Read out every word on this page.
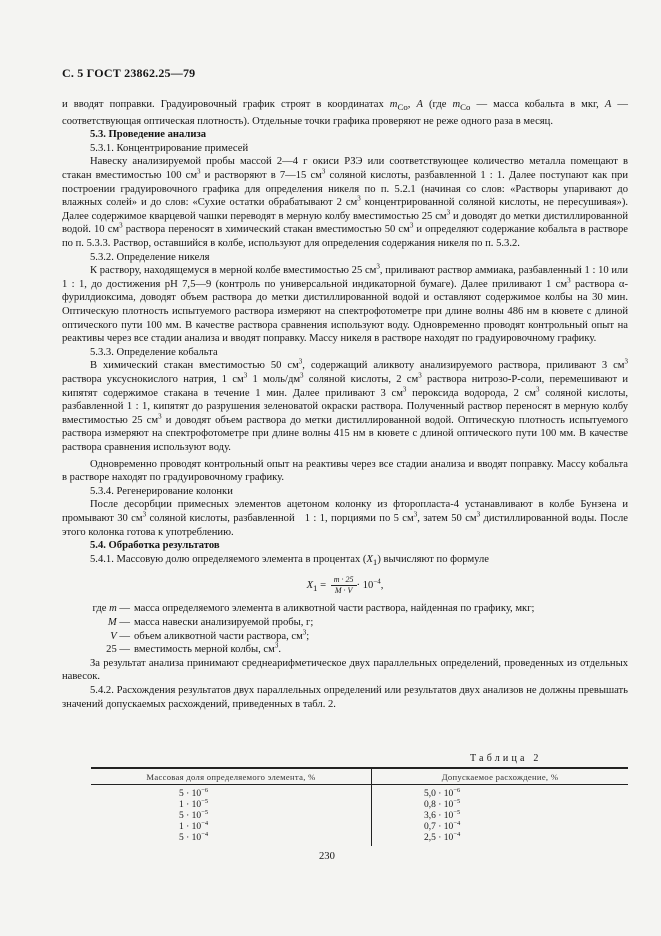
С. 5 ГОСТ 23862.25—79

и вводят поправки. Градуировочный график строят в координатах $m_{Co}$, A (где $m_{Co}$ — масса кобальта в мкг, A — соответствующая оптическая плотность). Отдельные точки графика проверяют не реже одного раза в месяц.

5.3. Проведение анализа

5.3.1. Концентрирование примесей

Навеску анализируемой пробы массой 2—4 г окиси РЗЭ или соответствующее количество металла помещают в стакан вместимостью 100 $см^3$ и растворяют в 7—15 $см^3$ соляной кислоты, разбавленной 1 : 1. Далее поступают как при построении градуировочного графика для определения никеля по п. 5.2.1 (начиная со слов: «Растворы упаривают до влажных солей» и до слов: «Сухие остатки обрабатывают 2 $см^3$ концентрированной соляной кислоты, не пересушивая»). Далее содержимое кварцевой чашки переводят в мерную колбу вместимостью 25 $см^3$ и доводят до метки дистиллированной водой. 10 $см^3$ раствора переносят в химический стакан вместимостью 50 $см^3$ и определяют содержание кобальта в растворе по п. 5.3.3. Раствор, оставшийся в колбе, используют для определения содержания никеля по п. 5.3.2.

5.3.2. Определение никеля

К раствору, находящемуся в мерной колбе вместимостью 25 $см^3$, приливают раствор аммиака, разбавленный 1 : 10 или 1 : 1, до достижения рН 7,5—9 (контроль по универсальной индикаторной бумаге). Далее приливают 1 $см^3$ раствора α-фурилдиоксима, доводят объем раствора до метки дистиллированной водой и оставляют содержимое колбы на 30 мин. Оптическую плотность испытуемого раствора измеряют на спектрофотометре при длине волны 486 нм в кювете с длиной оптического пути 100 мм. В качестве раствора сравнения используют воду. Одновременно проводят контрольный опыт на реактивы через все стадии анализа и вводят поправку. Массу никеля в растворе находят по градуировочному графику.

5.3.3. Определение кобальта

В химический стакан вместимостью 50 $см^3$, содержащий аликвоту анализируемого раствора, приливают 3 $см^3$ раствора уксуснокислого натрия, 1 $см^3$ 1 моль/$дм^3$ соляной кислоты, 2 $см^3$ раствора нитрозо-Р-соли, перемешивают и кипятят содержимое стакана в течение 1 мин. Далее приливают 3 $см^3$ пероксида водорода, 2 $см^3$ соляной кислоты, разбавленной 1 : 1, кипятят до разрушения зеленоватой окраски раствора. Полученный раствор переносят в мерную колбу вместимостью 25 $см^3$ и доводят объем раствора до метки дистиллированной водой. Оптическую плотность испытуемого раствора измеряют на спектрофотометре при длине волны 415 нм в кювете с длиной оптического пути 100 мм. В качестве раствора сравнения используют воду.

Одновременно проводят контрольный опыт на реактивы через все стадии анализа и вводят поправку. Массу кобальта в растворе находят по градуировочному графику.

5.3.4. Регенерирование колонки

После десорбции примесных элементов ацетоном колонку из фторопласта-4 устанавливают в колбе Бунзена и промывают 30 $см^3$ соляной кислоты, разбавленной   1 : 1, порциями по 5 $см^3$, затем 50 $см^3$ дистиллированной воды. После этого колонка готова к употреблению.

5.4. Обработка результатов

5.4.1. Массовую долю определяемого элемента в процентах $(X_1)$ вычисляют по формуле

$X_1 = \frac{m \cdot 25}{M \cdot V} \cdot 10^{-4}$,
где m — масса определяемого элемента в аликвотной части раствора, найденная по графику, мкг;
M — масса навески анализируемой пробы, г;
V — объем аликвотной части раствора, $см^3$;
25 — вместимость мерной колбы, $см^3$.

За результат анализа принимают среднеарифметическое двух параллельных определений, проведенных из отдельных навесок.

5.4.2. Расхождения результатов двух параллельных определений или результатов двух анализов не должны превышать значений допускаемых расхождений, приведенных в табл. 2.

Таблица 2
Массовая доля определяемого элемента, %	Допускаемое расхождение, %
$5 \cdot 10^{-6}$
$1 \cdot 10^{-5}$
$5 \cdot 10^{-5}$
$1 \cdot 10^{-4}$
$5 \cdot 10^{-4}$
$5,0 \cdot 10^{-6}$
$0,8 \cdot 10^{-5}$
$3,6 \cdot 10^{-5}$
$0,7 \cdot 10^{-4}$
$2,5 \cdot 10^{-4}$
230
